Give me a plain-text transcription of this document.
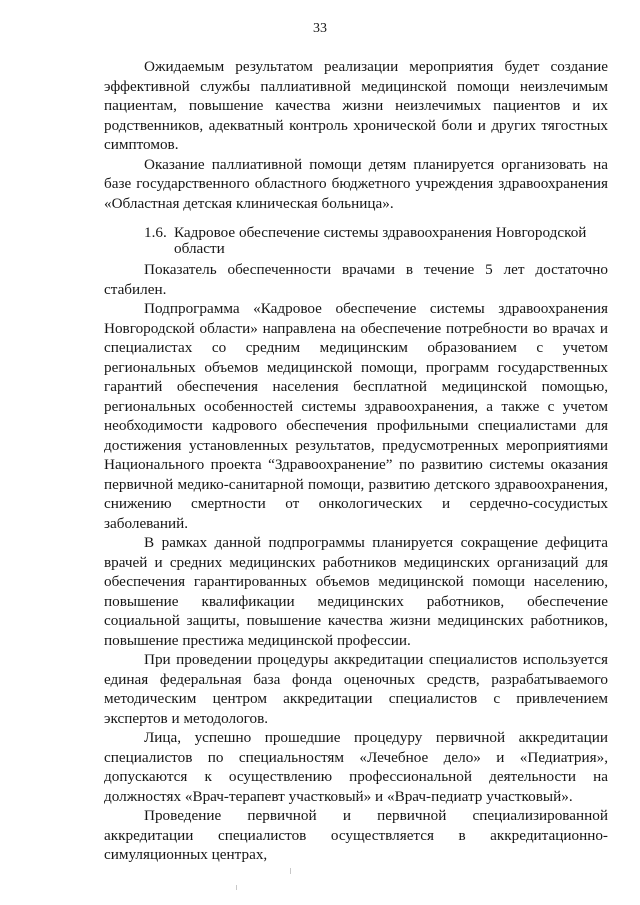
33

Ожидаемым результатом реализации мероприятия будет создание эффективной службы паллиативной медицинской помощи неизлечимым пациентам, повышение качества жизни неизлечимых пациентов и их родственников, адекватный контроль хронической боли и других тягостных симптомов.

Оказание паллиативной помощи детям планируется организовать на базе государственного областного бюджетного учреждения здравоохранения «Областная детская клиническая больница».

1.6. Кадровое обеспечение системы здравоохранения Новгородской
области

Показатель обеспеченности врачами в течение 5 лет достаточно стабилен.

Подпрограмма «Кадровое обеспечение системы здравоохранения Новгородской области» направлена на обеспечение потребности во врачах и специалистах со средним медицинским образованием с учетом региональных объемов медицинской помощи, программ государственных гарантий обеспечения населения бесплатной медицинской помощью, региональных особенностей системы здравоохранения, а также с учетом необходимости кадрового обеспечения профильными специалистами для достижения установленных результатов, предусмотренных мероприятиями Национального проекта “Здравоохранение” по развитию системы оказания первичной медико-санитарной помощи, развитию детского здравоохранения, снижению смертности от онкологических и сердечно-сосудистых заболеваний.

В рамках данной подпрограммы планируется сокращение дефицита врачей и средних медицинских работников медицинских организаций для обеспечения гарантированных объемов медицинской помощи населению, повышение квалификации медицинских работников, обеспечение социальной защиты, повышение качества жизни медицинских работников, повышение престижа медицинской профессии.

При проведении процедуры аккредитации специалистов используется единая федеральная база фонда оценочных средств, разрабатываемого методическим центром аккредитации специалистов с привлечением экспертов и методологов.

Лица, успешно прошедшие процедуру первичной аккредитации специалистов по специальностям «Лечебное дело» и «Педиатрия», допускаются к осуществлению профессиональной деятельности на должностях «Врач-терапевт участковый» и «Врач-педиатр участковый».

Проведение первичной и первичной специализированной аккредитации специалистов осуществляется в аккредитационно-симуляционных центрах,
